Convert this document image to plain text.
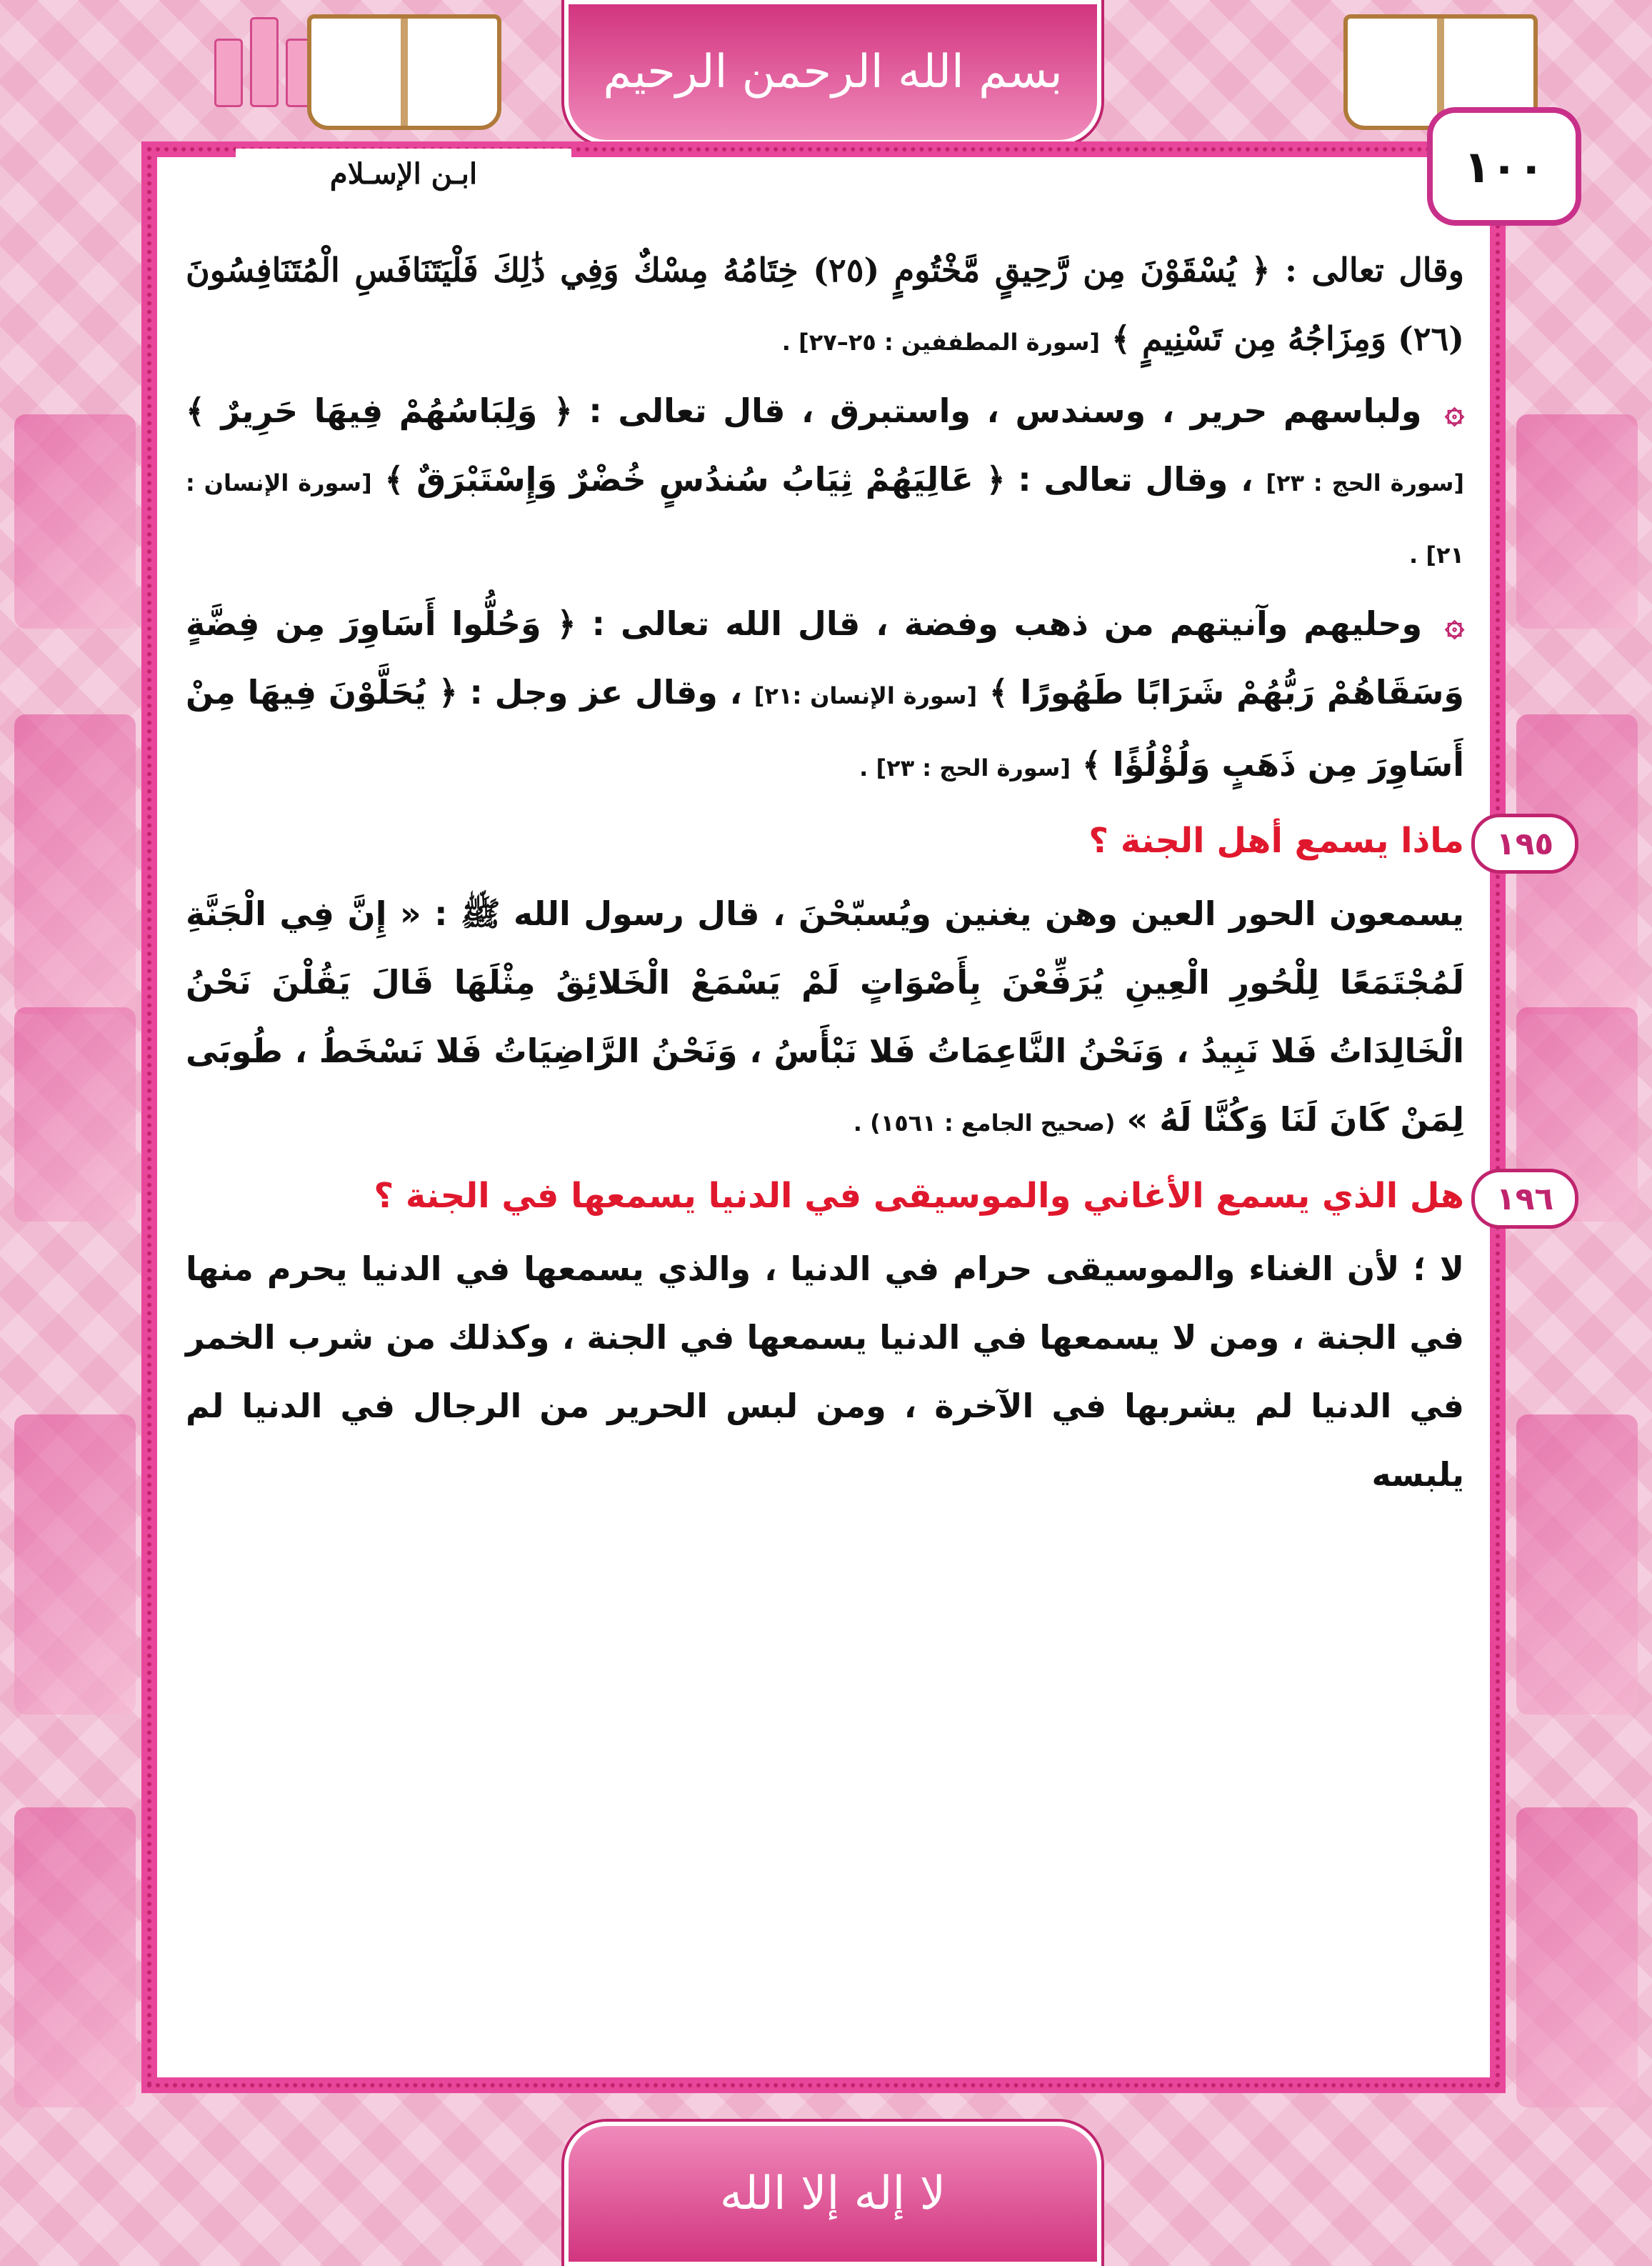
بسم الله الرحمن الرحيم
١٠٠
ابـن الإسـلام

وقال تعالى : ﴿ يُسْقَوْنَ مِن رَّحِيقٍ مَّخْتُومٍ (٢٥) خِتَامُهُ مِسْكٌ وَفِي ذَٰلِكَ فَلْيَتَنَافَسِ الْمُتَنَافِسُونَ (٢٦) وَمِزَاجُهُ مِن تَسْنِيمٍ ﴾ [سورة المطففين : ٢٥–٢٧] .

۞ ولباسهم حرير ، وسندس ، واستبرق ، قال تعالى : ﴿ وَلِبَاسُهُمْ فِيهَا حَرِيرٌ ﴾ [سورة الحج : ٢٣] ، وقال تعالى : ﴿ عَالِيَهُمْ ثِيَابُ سُندُسٍ خُضْرٌ وَإِسْتَبْرَقٌ ﴾ [سورة الإنسان : ٢١] .

۞ وحليهم وآنيتهم من ذهب وفضة ، قال الله تعالى : ﴿ وَحُلُّوا أَسَاوِرَ مِن فِضَّةٍ وَسَقَاهُمْ رَبُّهُمْ شَرَابًا طَهُورًا ﴾ [سورة الإنسان :٢١] ، وقال عز وجل : ﴿ يُحَلَّوْنَ فِيهَا مِنْ أَسَاوِرَ مِن ذَهَبٍ وَلُؤْلُؤًا ﴾ [سورة الحج : ٢٣] .

١٩٥
ماذا يسمع أهل الجنة ؟

يسمعون الحور العين وهن يغنين ويُسبّحْنَ ، قال رسول الله ﷺ : « إِنَّ فِي الْجَنَّةِ لَمُجْتَمَعًا لِلْحُورِ الْعِينِ يُرَفِّعْنَ بِأَصْوَاتٍ لَمْ يَسْمَعْ الْخَلائِقُ مِثْلَهَا قَالَ يَقُلْنَ نَحْنُ الْخَالِدَاتُ فَلا نَبِيدُ ، وَنَحْنُ النَّاعِمَاتُ فَلا نَبْأَسُ ، وَنَحْنُ الرَّاضِيَاتُ فَلا نَسْخَطُ ، طُوبَى لِمَنْ كَانَ لَنَا وَكُنَّا لَهُ » (صحيح الجامع : ١٥٦١) .

١٩٦
هل الذي يسمع الأغاني والموسيقى في الدنيا يسمعها في الجنة ؟

لا ؛ لأن الغناء والموسيقى حرام في الدنيا ، والذي يسمعها في الدنيا يحرم منها في الجنة ، ومن لا يسمعها في الدنيا يسمعها في الجنة ، وكذلك من شرب الخمر في الدنيا لم يشربها في الآخرة ، ومن لبس الحرير من الرجال في الدنيا لم يلبسه

لا إله إلا الله
